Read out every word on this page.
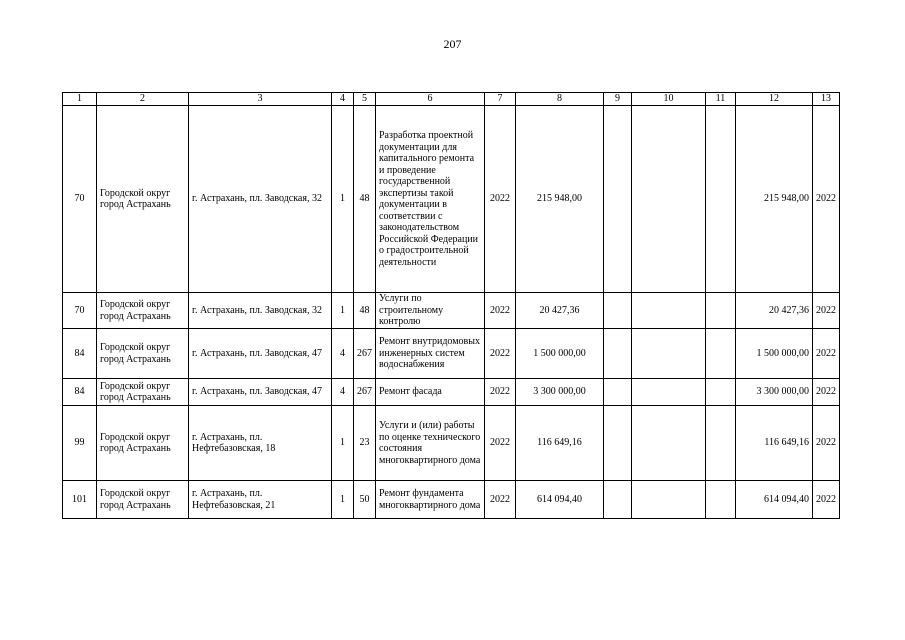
207
1	2	3	4	5	6	7	8	9	10	11	12	13
70	Городской округ город Астрахань	г. Астрахань, пл. Заводская, 32	1	48	Разработка проектной документации для капитального ремонта и проведение государственной экспертизы такой документации в соответствии с законодательством Российской Федерации о градостроительной деятельности	2022	215 948,00				215 948,00	2022
70	Городской округ город Астрахань	г. Астрахань, пл. Заводская, 32	1	48	Услуги по строительному контролю	2022	20 427,36				20 427,36	2022
84	Городской округ город Астрахань	г. Астрахань, пл. Заводская, 47	4	267	Ремонт внутридомовых инженерных систем водоснабжения	2022	1 500 000,00				1 500 000,00	2022
84	Городской округ город Астрахань	г. Астрахань, пл. Заводская, 47	4	267	Ремонт фасада	2022	3 300 000,00				3 300 000,00	2022
99	Городской округ город Астрахань	г. Астрахань, пл. Нефтебазовская, 18	1	23	Услуги и (или) работы по оценке технического состояния многоквартирного дома	2022	116 649,16				116 649,16	2022
101	Городской округ город Астрахань	г. Астрахань, пл. Нефтебазовская, 21	1	50	Ремонт фундамента многоквартирного дома	2022	614 094,40				614 094,40	2022
